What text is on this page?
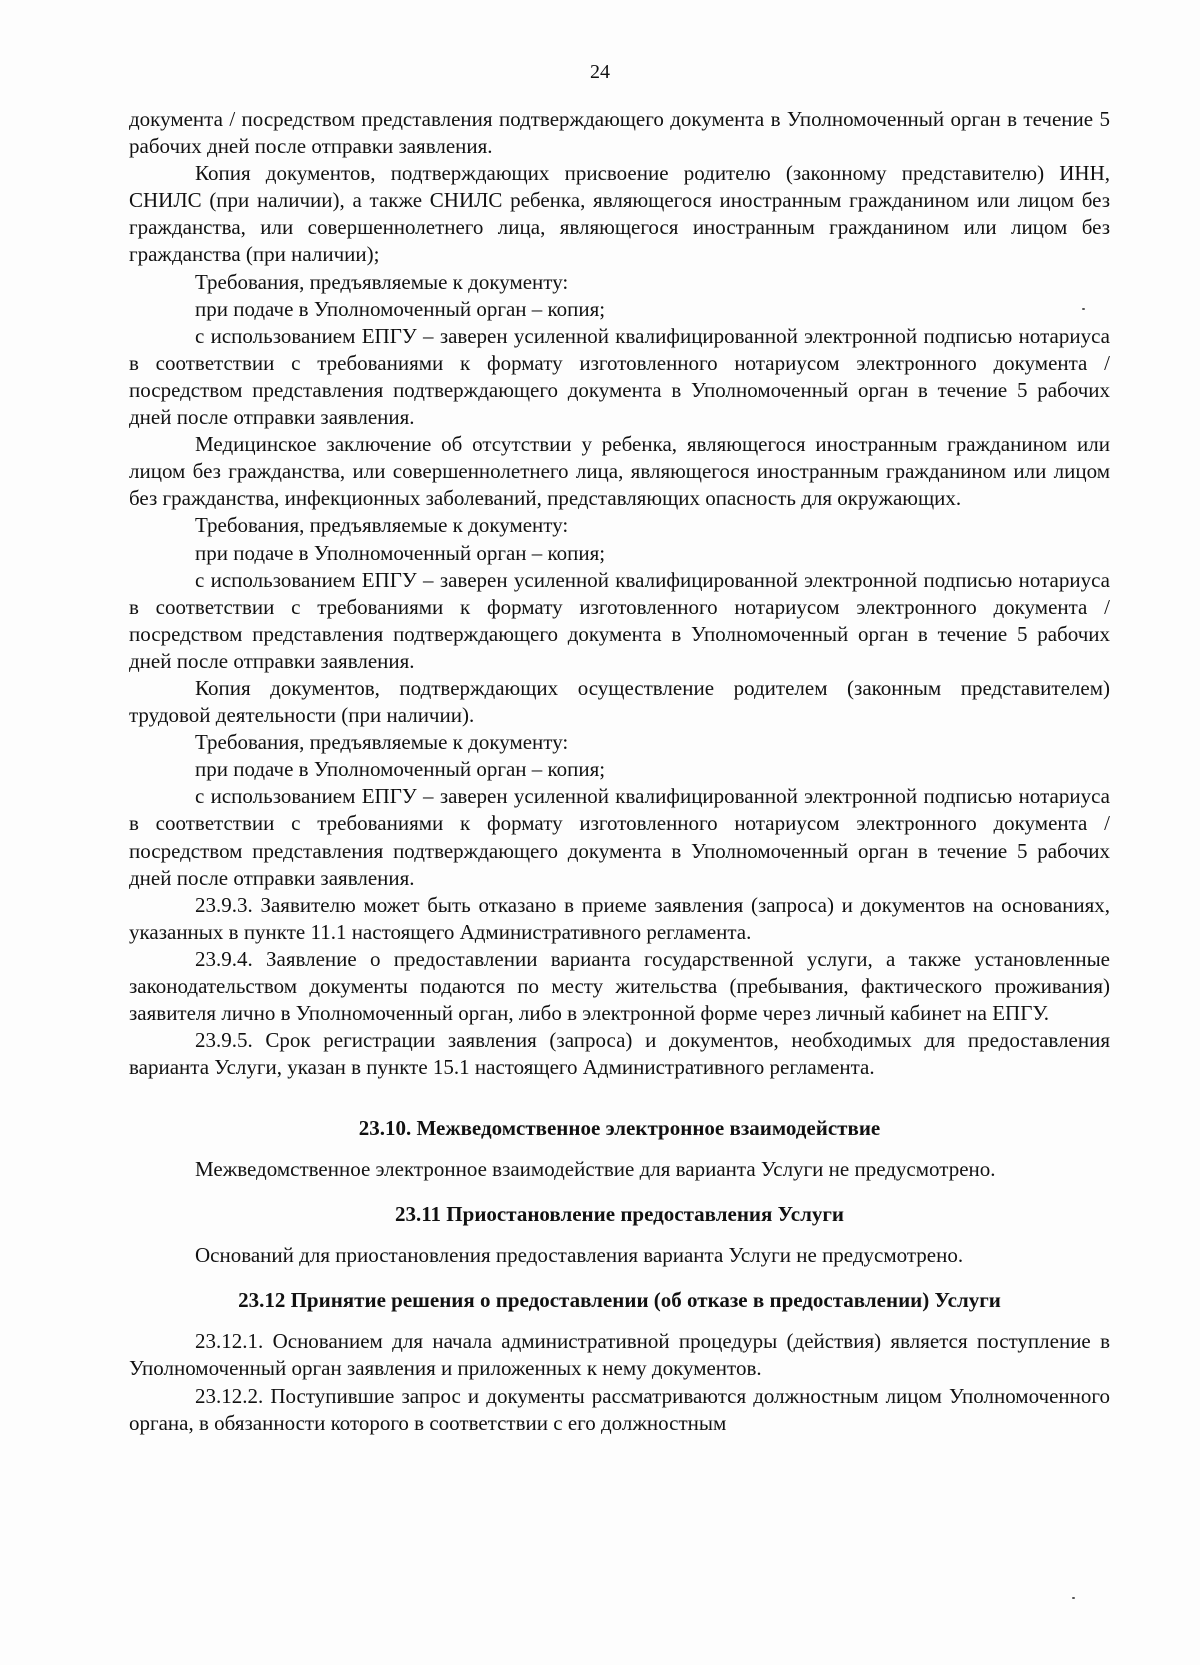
24

документа / посредством представления подтверждающего документа в Уполномоченный орган в течение 5 рабочих дней после отправки заявления.

Копия документов, подтверждающих присвоение родителю (законному представителю) ИНН, СНИЛС (при наличии), а также СНИЛС ребенка, являющегося иностранным гражданином или лицом без гражданства, или совершеннолетнего лица, являющегося иностранным гражданином или лицом без гражданства (при наличии);

Требования, предъявляемые к документу:

при подаче в Уполномоченный орган – копия;

с использованием ЕПГУ – заверен усиленной квалифицированной электронной подписью нотариуса в соответствии с требованиями к формату изготовленного нотариусом электронного документа / посредством представления подтверждающего документа в Уполномоченный орган в течение 5 рабочих дней после отправки заявления.

Медицинское заключение об отсутствии у ребенка, являющегося иностранным гражданином или лицом без гражданства, или совершеннолетнего лица, являющегося иностранным гражданином или лицом без гражданства, инфекционных заболеваний, представляющих опасность для окружающих.

Требования, предъявляемые к документу:

при подаче в Уполномоченный орган – копия;

с использованием ЕПГУ – заверен усиленной квалифицированной электронной подписью нотариуса в соответствии с требованиями к формату изготовленного нотариусом электронного документа / посредством представления подтверждающего документа в Уполномоченный орган в течение 5 рабочих дней после отправки заявления.

Копия документов, подтверждающих осуществление родителем (законным представителем) трудовой деятельности (при наличии).

Требования, предъявляемые к документу:

при подаче в Уполномоченный орган – копия;

с использованием ЕПГУ – заверен усиленной квалифицированной электронной подписью нотариуса в соответствии с требованиями к формату изготовленного нотариусом электронного документа / посредством представления подтверждающего документа в Уполномоченный орган в течение 5 рабочих дней после отправки заявления.

23.9.3. Заявителю может быть отказано в приеме заявления (запроса) и документов на основаниях, указанных в пункте 11.1 настоящего Административного регламента.

23.9.4. Заявление о предоставлении варианта государственной услуги, а также установленные законодательством документы подаются по месту жительства (пребывания, фактического проживания) заявителя лично в Уполномоченный орган, либо в электронной форме через личный кабинет на ЕПГУ.

23.9.5. Срок регистрации заявления (запроса) и документов, необходимых для предоставления варианта Услуги, указан в пункте 15.1 настоящего Административного регламента.

23.10. Межведомственное электронное взаимодействие

Межведомственное электронное взаимодействие для варианта Услуги не предусмотрено.

23.11 Приостановление предоставления Услуги

Оснований для приостановления предоставления варианта Услуги не предусмотрено.

23.12 Принятие решения о предоставлении (об отказе в предоставлении) Услуги

23.12.1. Основанием для начала административной процедуры (действия) является поступление в Уполномоченный орган заявления и приложенных к нему документов.

23.12.2. Поступившие запрос и документы рассматриваются должностным лицом Уполномоченного органа, в обязанности которого в соответствии с его должностным
